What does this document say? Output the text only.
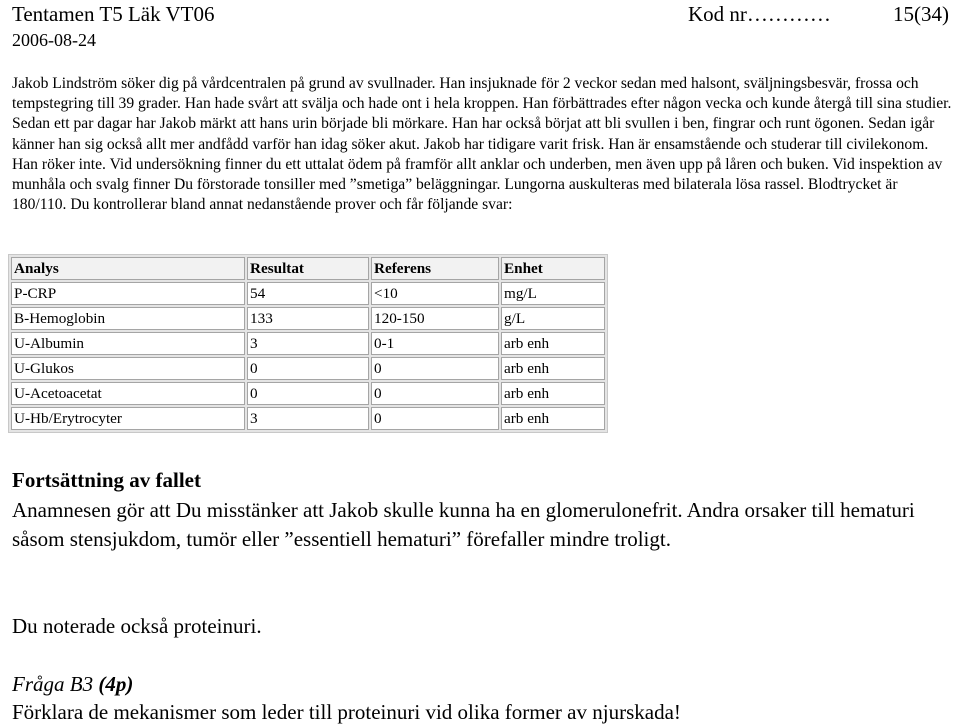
Tentamen T5 Läk VT06
2006-08-24
Kod nr…………	15(34)

Jakob Lindström söker dig på vårdcentralen på grund av svullnader. Han insjuknade för 2 veckor sedan med halsont, sväljningsbesvär, frossa och tempstegring till 39 grader. Han hade svårt att svälja och hade ont i hela kroppen. Han förbättrades efter någon vecka och kunde återgå till sina studier. Sedan ett par dagar har Jakob märkt att hans urin började bli mörkare. Han har också börjat att bli svullen i ben, fingrar och runt ögonen. Sedan igår känner han sig också allt mer andfådd varför han idag söker akut. Jakob har tidigare varit frisk. Han är ensamstående och studerar till civilekonom. Han röker inte. Vid undersökning finner du ett uttalat ödem på framför allt anklar och underben, men även upp på låren och buken. Vid inspektion av munhåla och svalg finner Du förstorade tonsiller med ”smetiga” beläggningar. Lungorna auskulteras med bilaterala lösa rassel. Blodtrycket är 180/110. Du kontrollerar bland annat nedanstående prover och får följande svar:

Analys	Resultat	Referens	Enhet
P-CRP	54	<10	mg/L
B-Hemoglobin	133	120-150	g/L
U-Albumin	3	0-1	arb enh
U-Glukos	0	0	arb enh
U-Acetoacetat	0	0	arb enh
U-Hb/Erytrocyter	3	0	arb enh
Fortsättning av fallet

Anamnesen gör att Du misstänker att Jakob skulle kunna ha en glomerulonefrit. Andra orsaker till hematuri såsom stensjukdom, tumör eller ”essentiell hematuri” förefaller mindre troligt.

Du noterade också proteinuri.
Fråga B3 (4p)
Förklara de mekanismer som leder till proteinuri vid olika former av njurskada!
